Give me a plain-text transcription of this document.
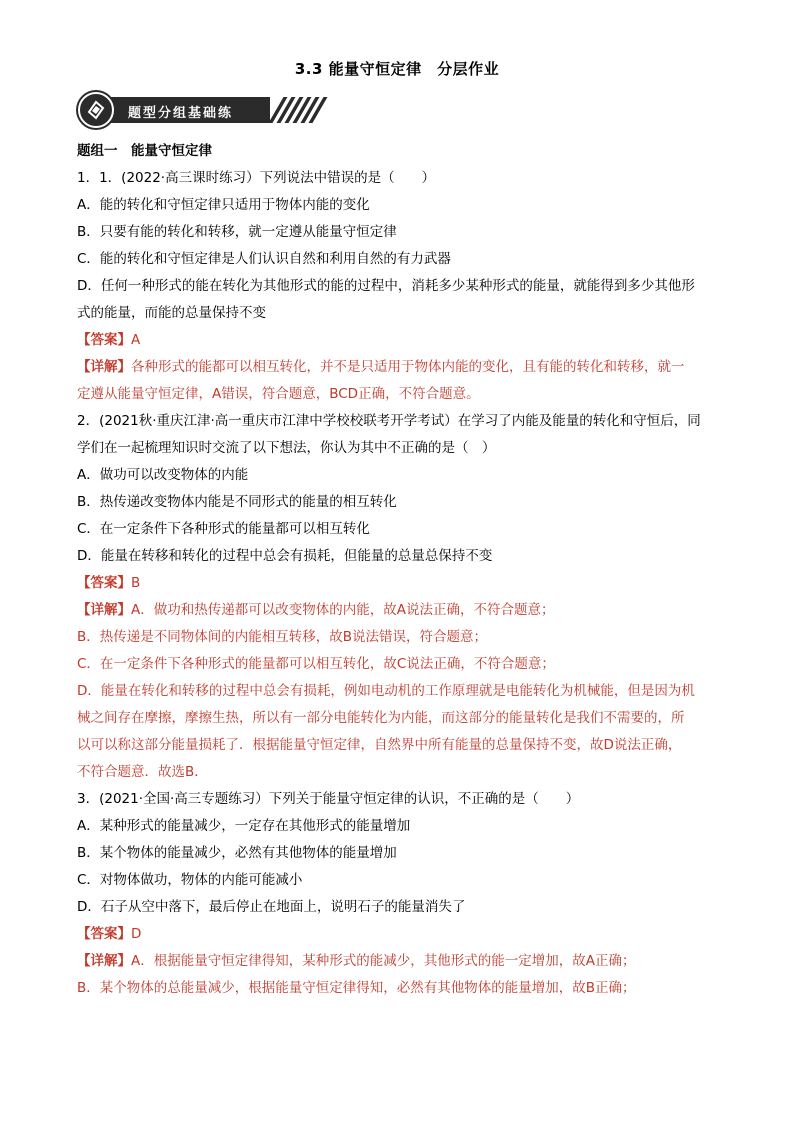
3.3 能量守恒定律　分层作业
题型分组基础练
题组一　能量守恒定律
1．1．(2022·高三课时练习）下列说法中错误的是（　　）
A．能的转化和守恒定律只适用于物体内能的变化
B．只要有能的转化和转移，就一定遵从能量守恒定律
C．能的转化和守恒定律是人们认识自然和利用自然的有力武器
D．任何一种形式的能在转化为其他形式的能的过程中，消耗多少某种形式的能量，就能得到多少其他形
式的能量，而能的总量保持不变
【答案】A
【详解】各种形式的能都可以相互转化，并不是只适用于物体内能的变化，且有能的转化和转移，就一
定遵从能量守恒定律，A错误，符合题意，BCD正确，不符合题意。
2．(2021秋·重庆江津·高一重庆市江津中学校校联考开学考试）在学习了内能及能量的转化和守恒后，同
学们在一起梳理知识时交流了以下想法，你认为其中不正确的是（　）
A．做功可以改变物体的内能
B．热传递改变物体内能是不同形式的能量的相互转化
C．在一定条件下各种形式的能量都可以相互转化
D．能量在转移和转化的过程中总会有损耗，但能量的总量总保持不变
【答案】B
【详解】A．做功和热传递都可以改变物体的内能，故A说法正确，不符合题意；
B．热传递是不同物体间的内能相互转移，故B说法错误，符合题意；
C．在一定条件下各种形式的能量都可以相互转化，故C说法正确，不符合题意；
D．能量在转化和转移的过程中总会有损耗，例如电动机的工作原理就是电能转化为机械能，但是因为机
械之间存在摩擦，摩擦生热，所以有一部分电能转化为内能，而这部分的能量转化是我们不需要的，所
以可以称这部分能量损耗了．根据能量守恒定律，自然界中所有能量的总量保持不变，故D说法正确，
不符合题意．故选B．
3．(2021·全国·高三专题练习）下列关于能量守恒定律的认识，不正确的是（　　）
A．某种形式的能量减少，一定存在其他形式的能量增加
B．某个物体的能量减少，必然有其他物体的能量增加
C．对物体做功，物体的内能可能减小
D．石子从空中落下，最后停止在地面上，说明石子的能量消失了
【答案】D
【详解】A．根据能量守恒定律得知，某种形式的能减少，其他形式的能一定增加，故A正确；
B．某个物体的总能量减少，根据能量守恒定律得知，必然有其他物体的能量增加，故B正确；
